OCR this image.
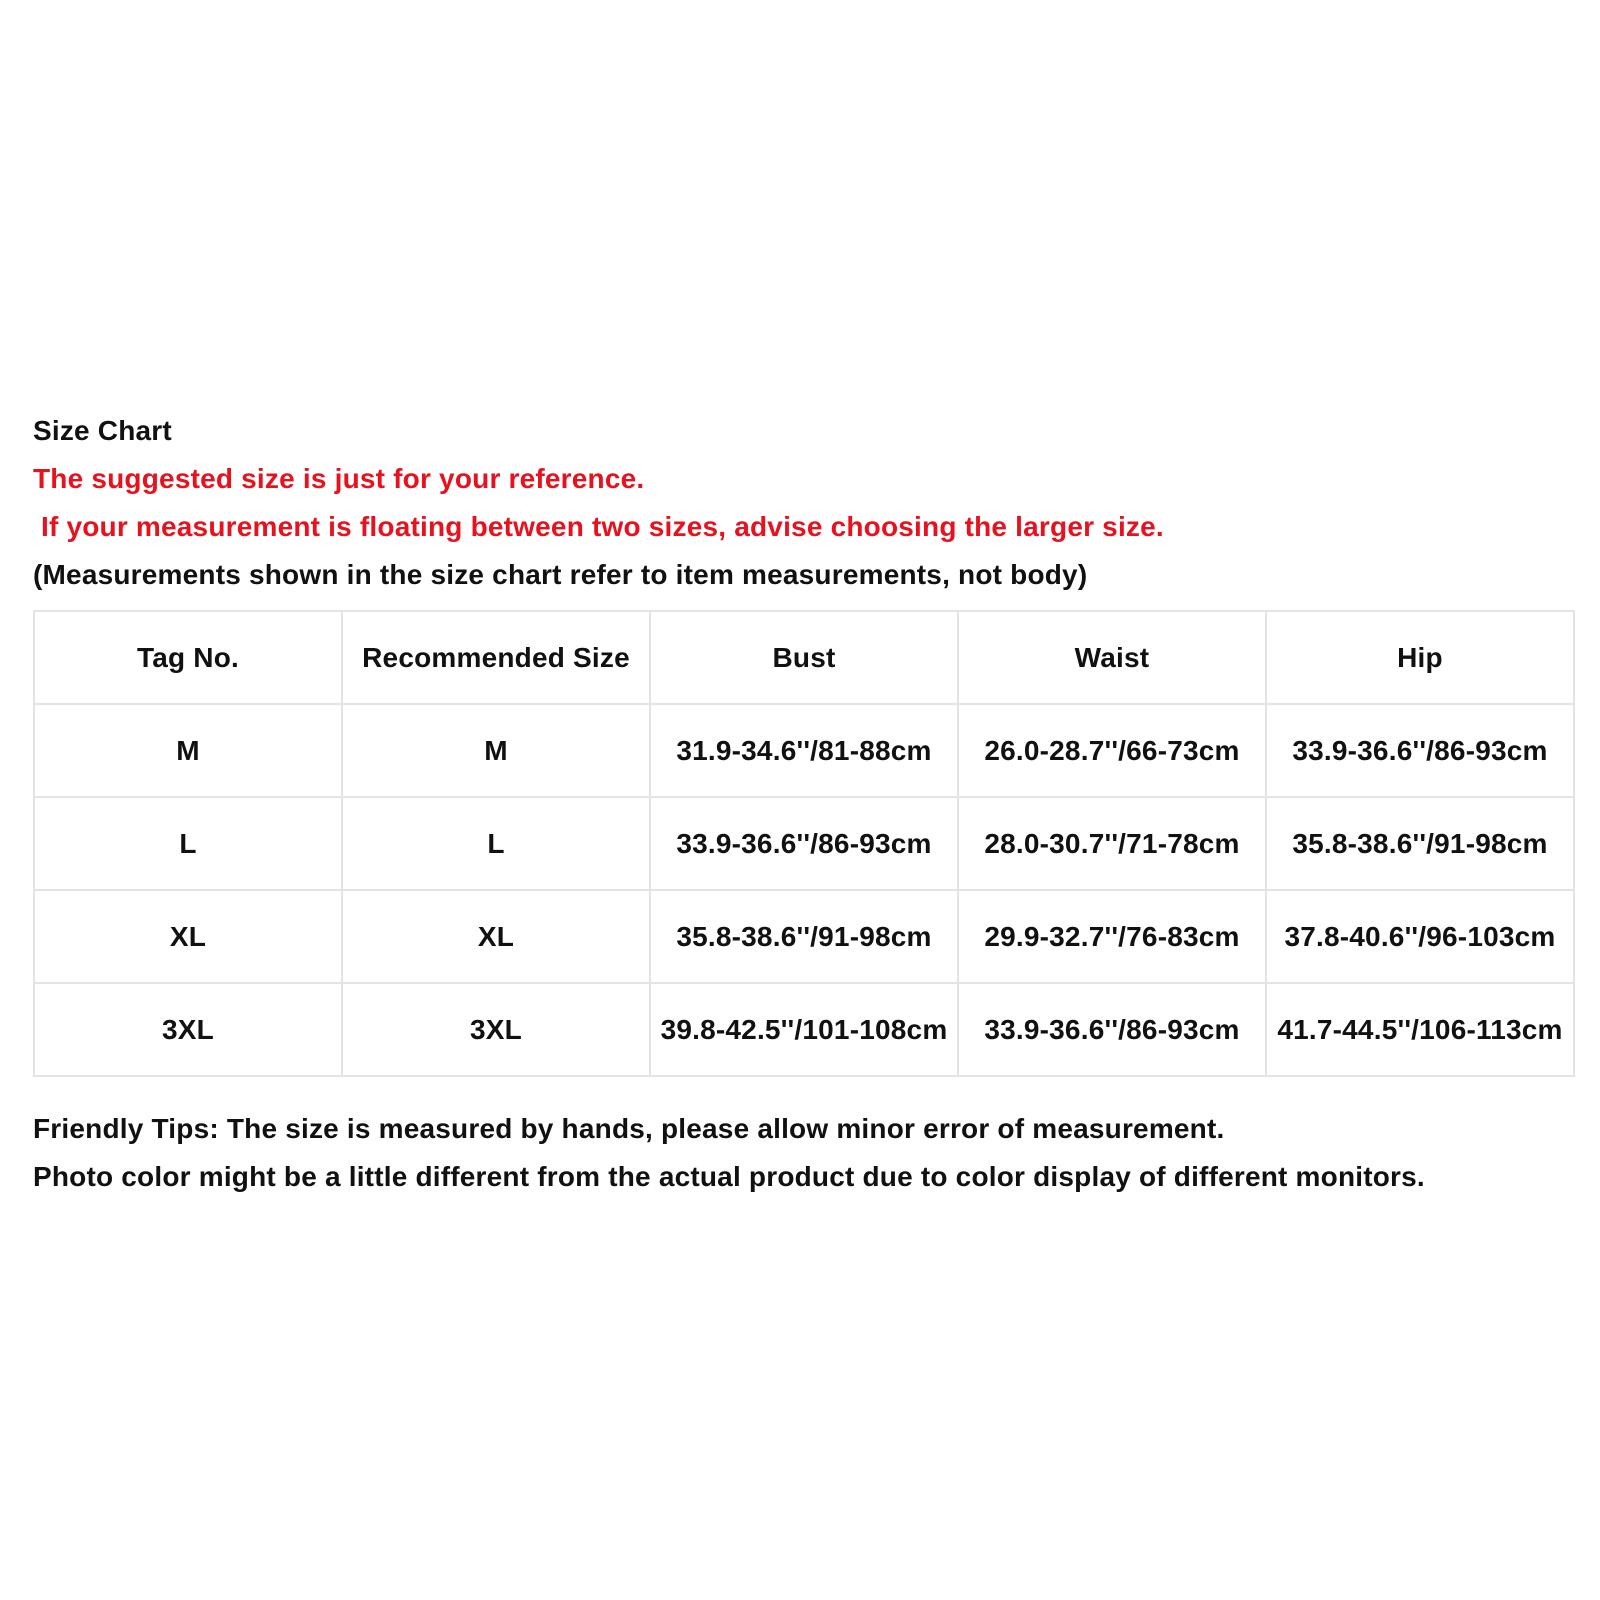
Size Chart
The suggested size is just for your reference.
If your measurement is floating between two sizes, advise choosing the larger size.
(Measurements shown in the size chart refer to item measurements, not body)
Tag No.	Recommended Size	Bust	Waist	Hip
M	M	31.9-34.6''/81-88cm	26.0-28.7''/66-73cm	33.9-36.6''/86-93cm
L	L	33.9-36.6''/86-93cm	28.0-30.7''/71-78cm	35.8-38.6''/91-98cm
XL	XL	35.8-38.6''/91-98cm	29.9-32.7''/76-83cm	37.8-40.6''/96-103cm
3XL	3XL	39.8-42.5''/101-108cm	33.9-36.6''/86-93cm	41.7-44.5''/106-113cm
Friendly Tips: The size is measured by hands, please allow minor error of measurement.
Photo color might be a little different from the actual product due to color display of different monitors.
